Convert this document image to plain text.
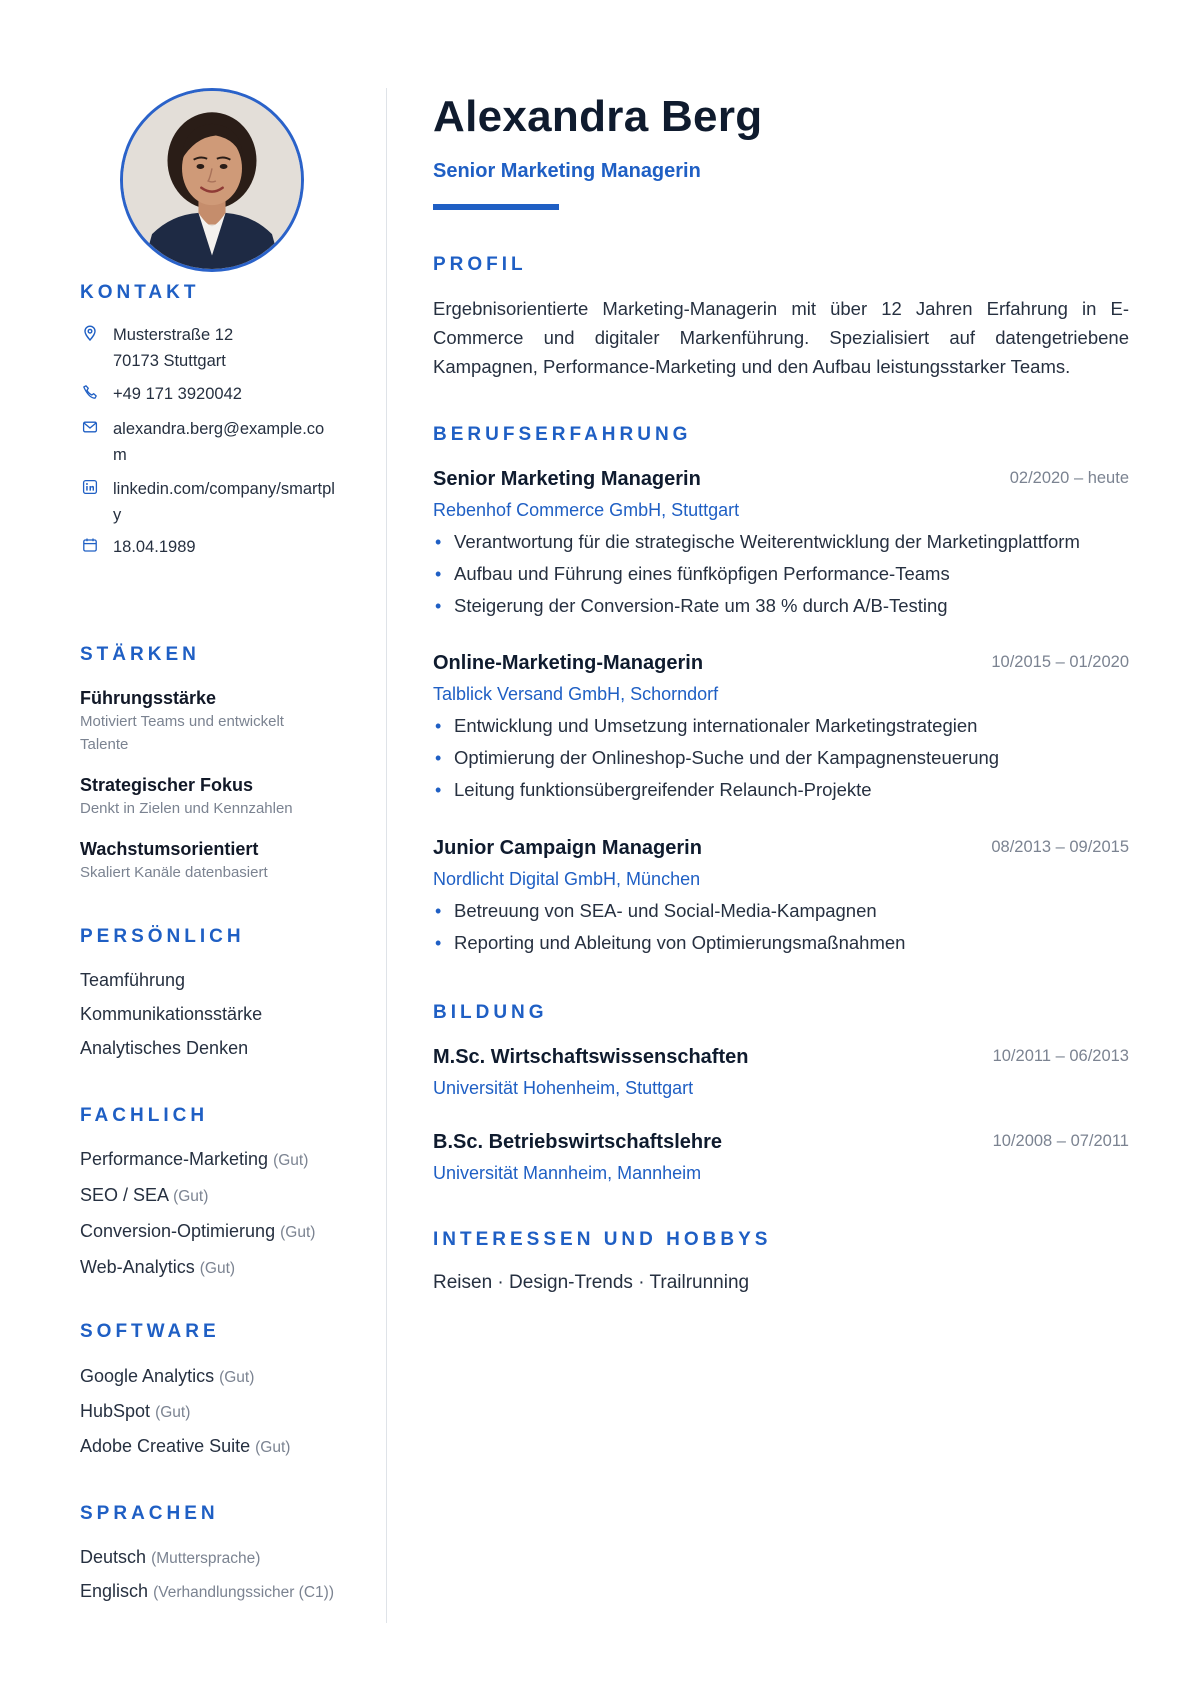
KONTAKT
Musterstraße 12
70173 Stuttgart
+49 171 3920042
alexandra.berg@example.co
m
linkedin.com/company/smartpl
y
18.04.1989
STÄRKEN
Führungsstärke
Motiviert Teams und entwickelt
Talente
Strategischer Fokus
Denkt in Zielen und Kennzahlen
Wachstumsorientiert
Skaliert Kanäle datenbasiert
PERSÖNLICH
Teamführung
Kommunikationsstärke
Analytisches Denken
FACHLICH
Performance-Marketing (Gut)
SEO / SEA (Gut)
Conversion-Optimierung (Gut)
Web-Analytics (Gut)
SOFTWARE
Google Analytics (Gut)
HubSpot (Gut)
Adobe Creative Suite (Gut)
SPRACHEN
Deutsch (Muttersprache)
Englisch (Verhandlungssicher (C1))
Alexandra Berg
Senior Marketing Managerin
PROFIL
Ergebnisorientierte Marketing-Managerin mit über 12 Jahren Erfahrung in E-Commerce und digitaler Markenführung. Spezialisiert auf datengetriebene Kampagnen, Performance-Marketing und den Aufbau leistungsstarker Teams.
BERUFSERFAHRUNG
Senior Marketing Managerin	02/2020 – heute
Rebenhof Commerce GmbH, Stuttgart
• Verantwortung für die strategische Weiterentwicklung der Marketingplattform
• Aufbau und Führung eines fünfköpfigen Performance-Teams
• Steigerung der Conversion-Rate um 38 % durch A/B-Testing
Online-Marketing-Managerin	10/2015 – 01/2020
Talblick Versand GmbH, Schorndorf
• Entwicklung und Umsetzung internationaler Marketingstrategien
• Optimierung der Onlineshop-Suche und der Kampagnensteuerung
• Leitung funktionsübergreifender Relaunch-Projekte
Junior Campaign Managerin	08/2013 – 09/2015
Nordlicht Digital GmbH, München
• Betreuung von SEA- und Social-Media-Kampagnen
• Reporting und Ableitung von Optimierungsmaßnahmen
BILDUNG
M.Sc. Wirtschaftswissenschaften	10/2011 – 06/2013
Universität Hohenheim, Stuttgart
B.Sc. Betriebswirtschaftslehre	10/2008 – 07/2011
Universität Mannheim, Mannheim
INTERESSEN UND HOBBYS
Reisen · Design-Trends · Trailrunning
